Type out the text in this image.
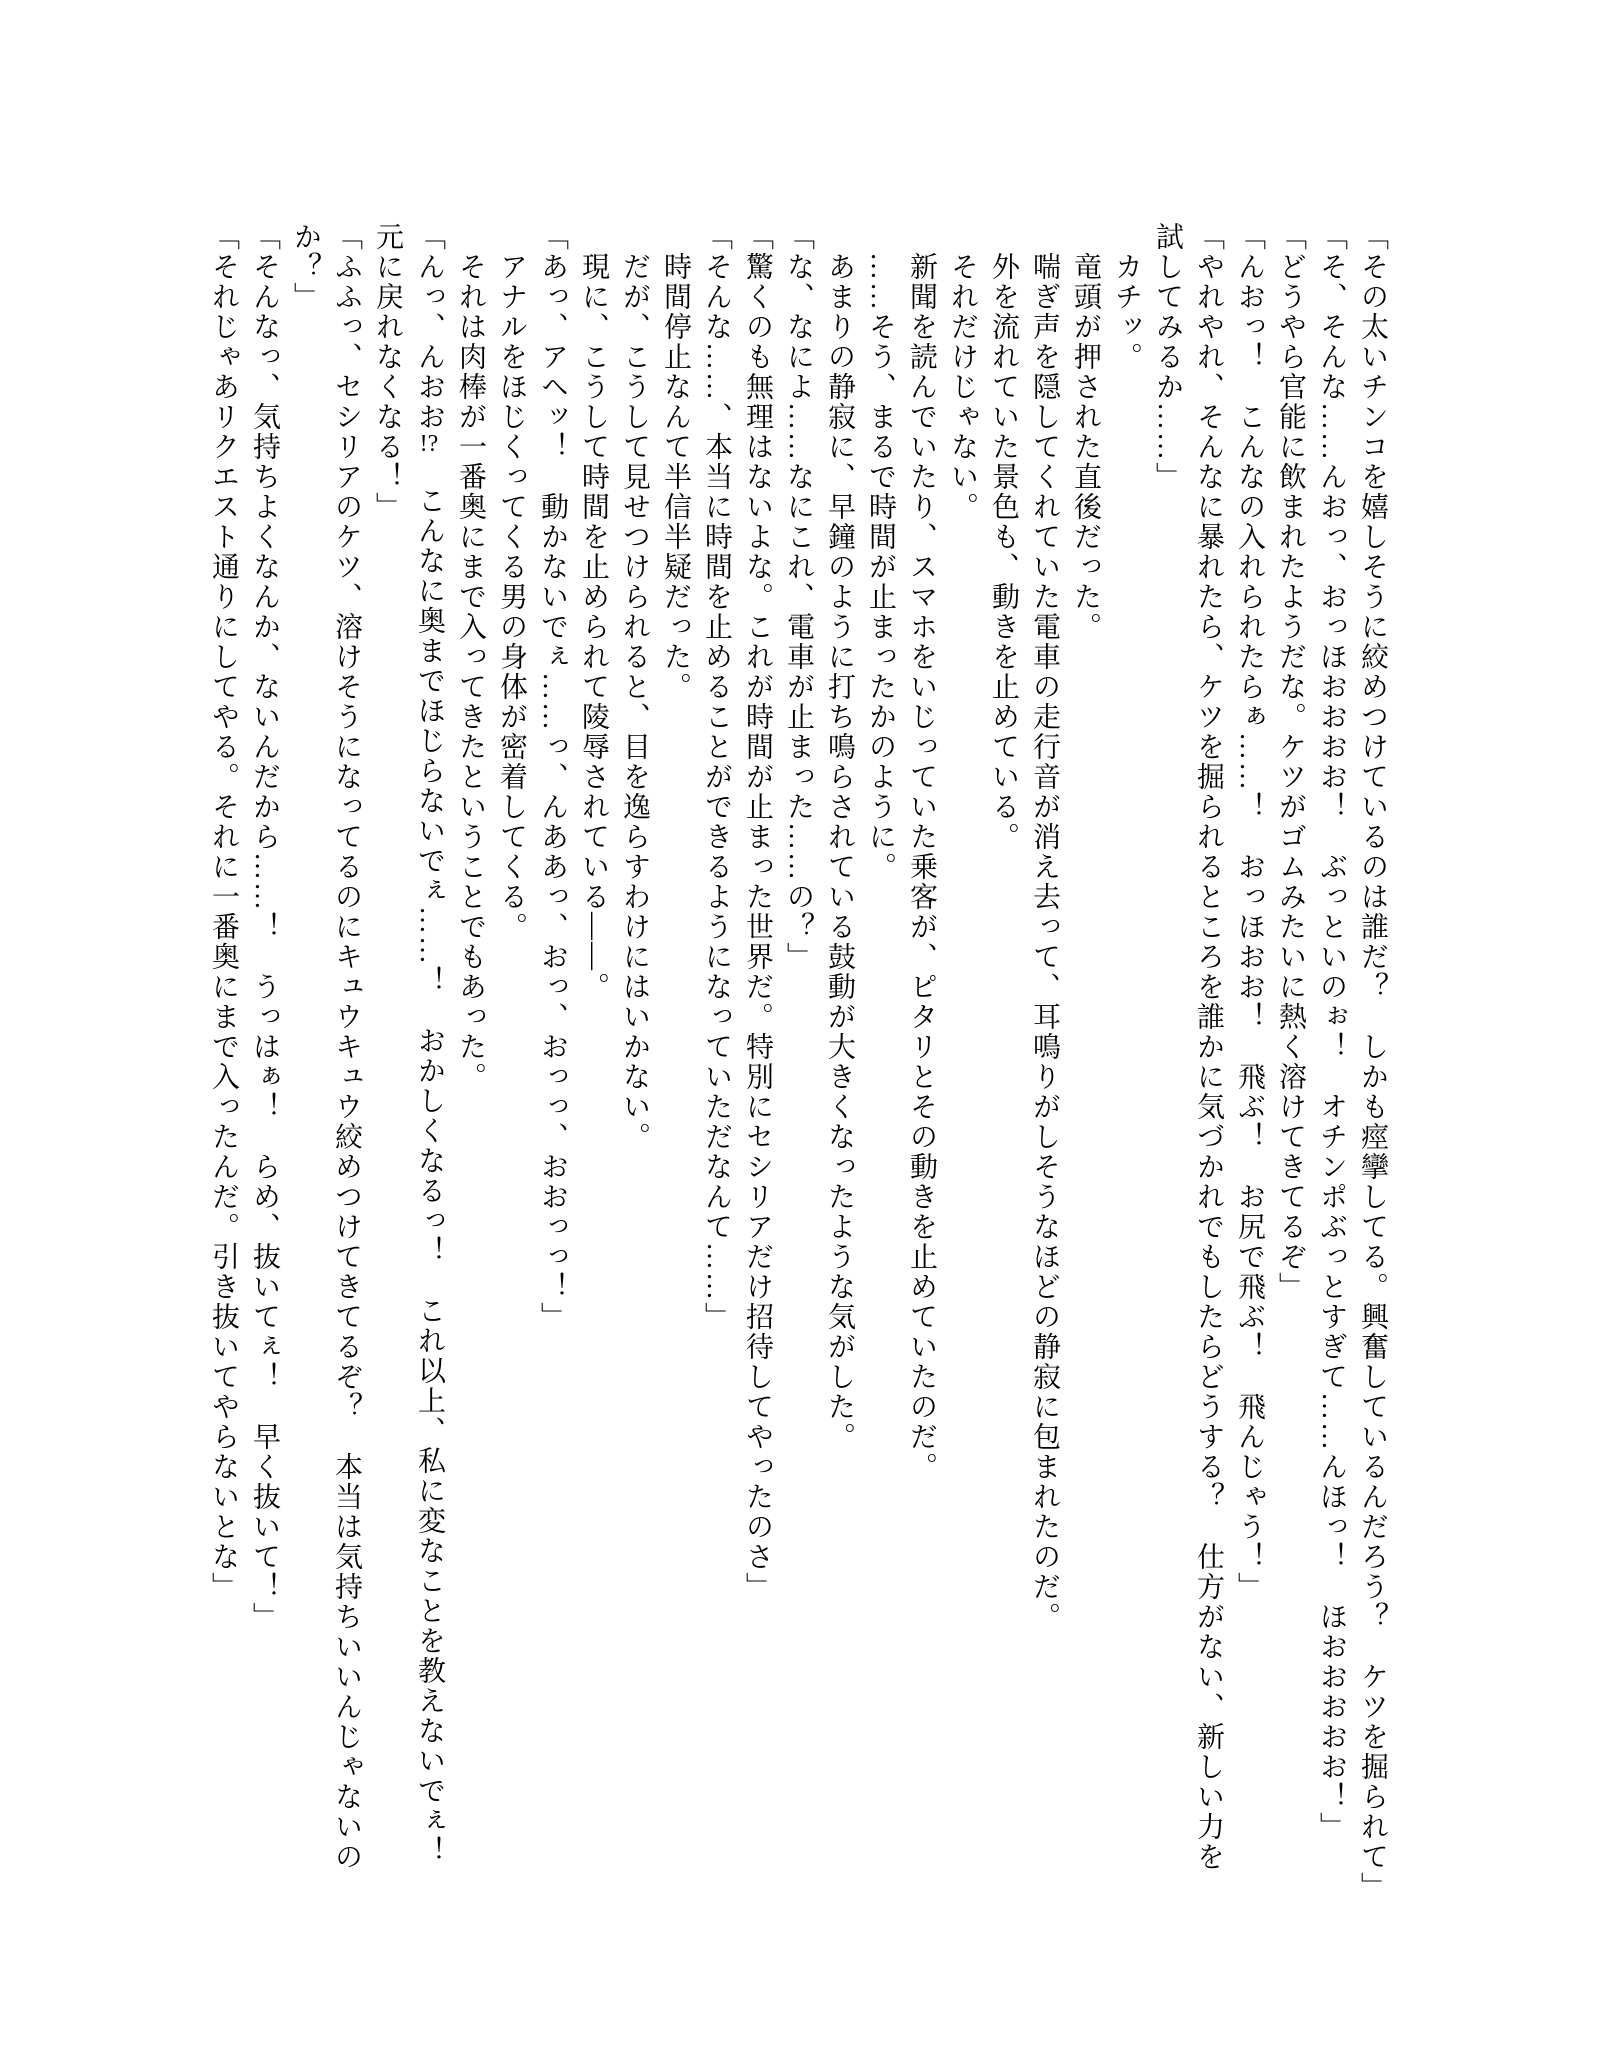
「その太いチンコを嬉しそうに絞めつけているのは誰だ？　しかも痙攣してる。興奮しているんだろう？　ケツを掘られて」
「そ、そんな……んおっ、おっほおおおお！　ぶっといのぉ！　オチンポぶっとすぎて……んほっ！　ほおおおおお！」
「どうやら官能に飲まれたようだな。ケツがゴムみたいに熱く溶けてきてるぞ」
「んおっ！　こんなの入れられたらぁ……！　おっほおお！　飛ぶ！　お尻で飛ぶ！　飛んじゃう！」
「やれやれ、そんなに暴れたら、ケツを掘られるところを誰かに気づかれでもしたらどうする？　仕方がない、新しい力を
試してみるか……」
　カチッ。
　竜頭が押された直後だった。
　喘ぎ声を隠してくれていた電車の走行音が消え去って、耳鳴りがしそうなほどの静寂に包まれたのだ。
　外を流れていた景色も、動きを止めている。
　それだけじゃない。
　新聞を読んでいたり、スマホをいじっていた乗客が、ピタリとその動きを止めていたのだ。
　……そう、まるで時間が止まったかのように。
　あまりの静寂に、早鐘のように打ち鳴らされている鼓動が大きくなったような気がした。
「な、なによ……なにこれ、電車が止まった……の？」
「驚くのも無理はないよな。これが時間が止まった世界だ。特別にセシリアだけ招待してやったのさ」
「そんな……、本当に時間を止めることができるようになっていただなんて……」
　時間停止なんて半信半疑だった。
　だが、こうして見せつけられると、目を逸らすわけにはいかない。
　現に、こうして時間を止められて陵辱されている――。
「あっ、アヘッ！　動かないでぇ……っ、んああっ、おっ、おっっ、おおっっ！」
　アナルをほじくってくる男の身体が密着してくる。
　それは肉棒が一番奥にまで入ってきたということでもあった。
「んっ、んおお!?　こんなに奥までほじらないでぇ……！　おかしくなるっ！　これ以上、私に変なことを教えないでぇ！
元に戻れなくなる！」
「ふふっ、セシリアのケツ、溶けそうになってるのにキュウキュウ絞めつけてきてるぞ？　本当は気持ちいいんじゃないの
か？」
「そんなっ、気持ちよくなんか、ないんだから……！　うっはぁ！　らめ、抜いてぇ！　早く抜いて！」
「それじゃあリクエスト通りにしてやる。それに一番奥にまで入ったんだ。引き抜いてやらないとな」
